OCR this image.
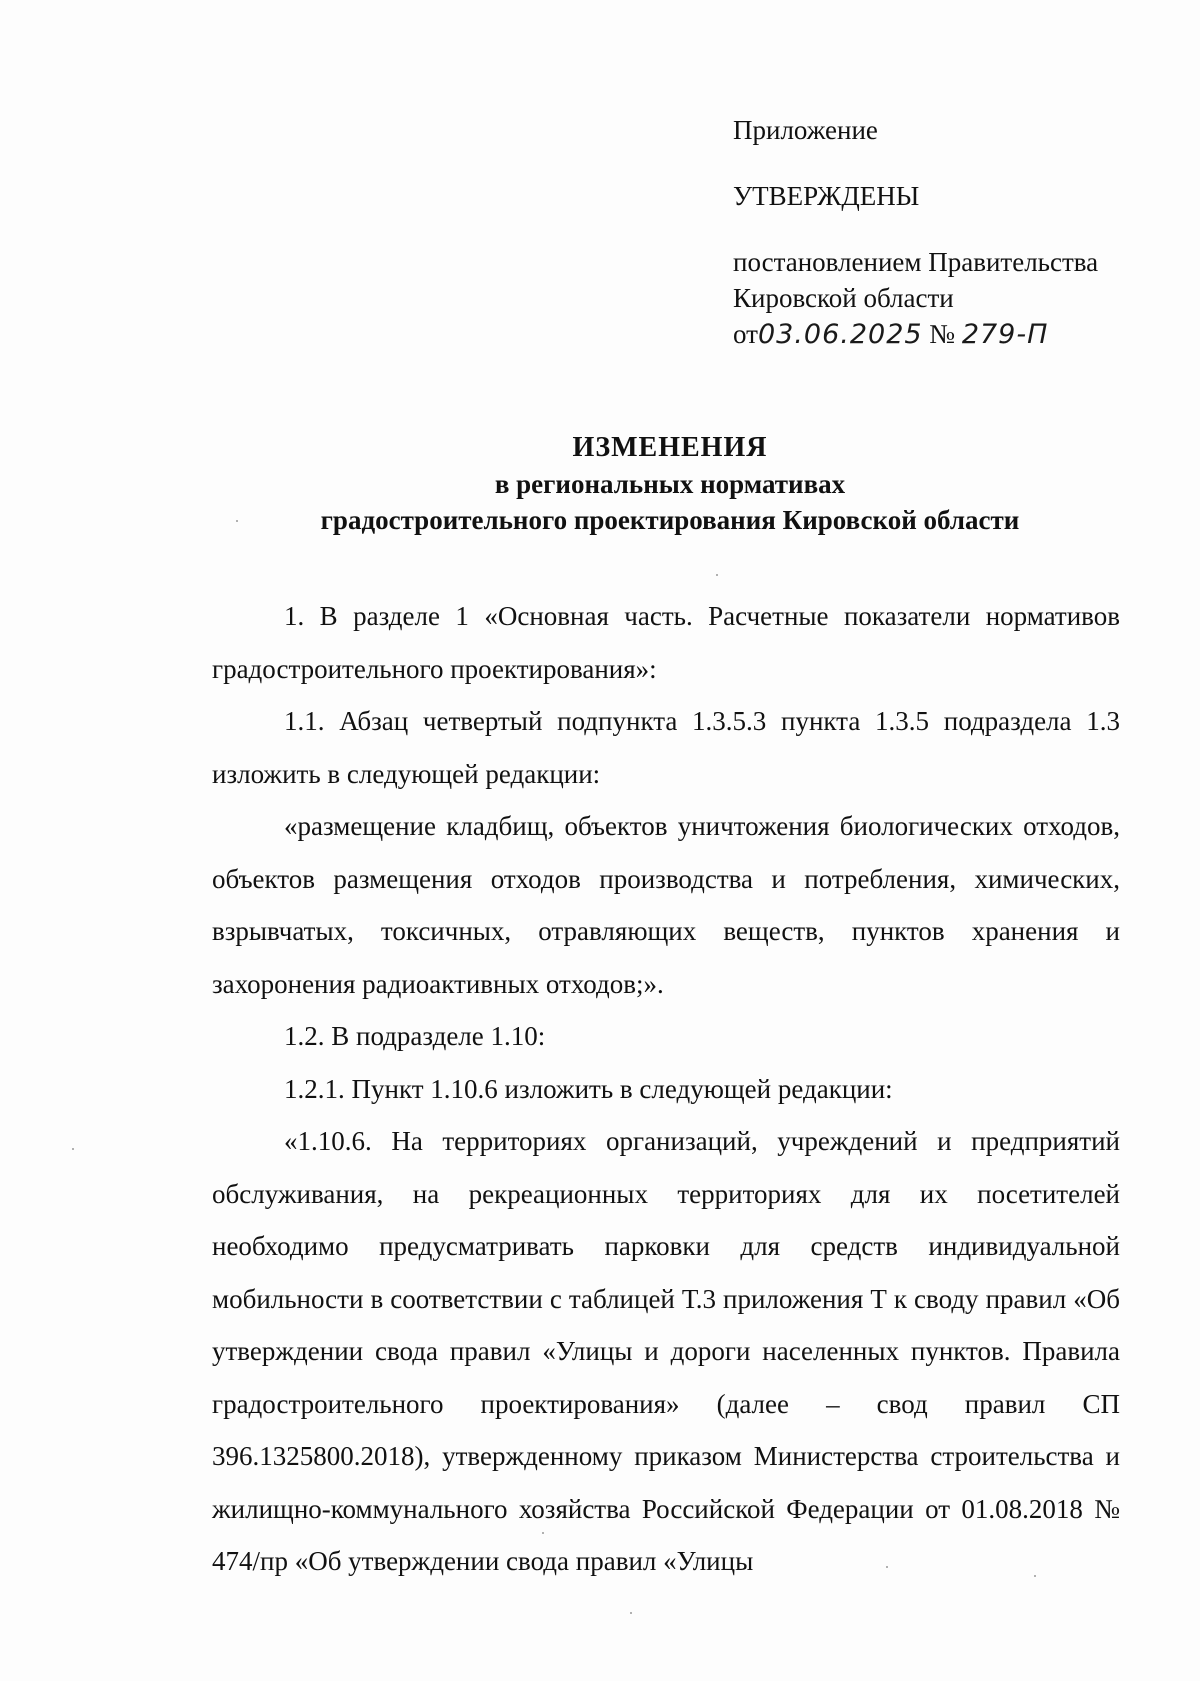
Приложение
УТВЕРЖДЕНЫ
постановлением Правительства
Кировской области
от03.06.2025 № 279-П
ИЗМЕНЕНИЯ
в региональных нормативах
градостроительного проектирования Кировской области

1. В разделе 1 «Основная часть. Расчетные показатели нормативов градостроительного проектирования»:

1.1. Абзац четвертый подпункта 1.3.5.3 пункта 1.3.5 подраздела 1.3 изложить в следующей редакции:

«размещение кладбищ, объектов уничтожения биологических отходов, объектов размещения отходов производства и потребления, химических, взрывчатых, токсичных, отравляющих веществ, пунктов хранения и захоронения радиоактивных отходов;».

1.2. В подразделе 1.10:

1.2.1. Пункт 1.10.6 изложить в следующей редакции:

«1.10.6. На территориях организаций, учреждений и предприятий обслуживания, на рекреационных территориях для их посетителей необходимо предусматривать парковки для средств индивидуальной мобильности в соответствии с таблицей Т.3 приложения Т к своду правил «Об утверждении свода правил «Улицы и дороги населенных пунктов. Правила градостроительного проектирования» (далее – свод правил СП 396.1325800.2018), утвержденному приказом Министерства строительства и жилищно-коммунального хозяйства Российской Федерации от 01.08.2018 № 474/пр «Об утверждении свода правил «Улицы
